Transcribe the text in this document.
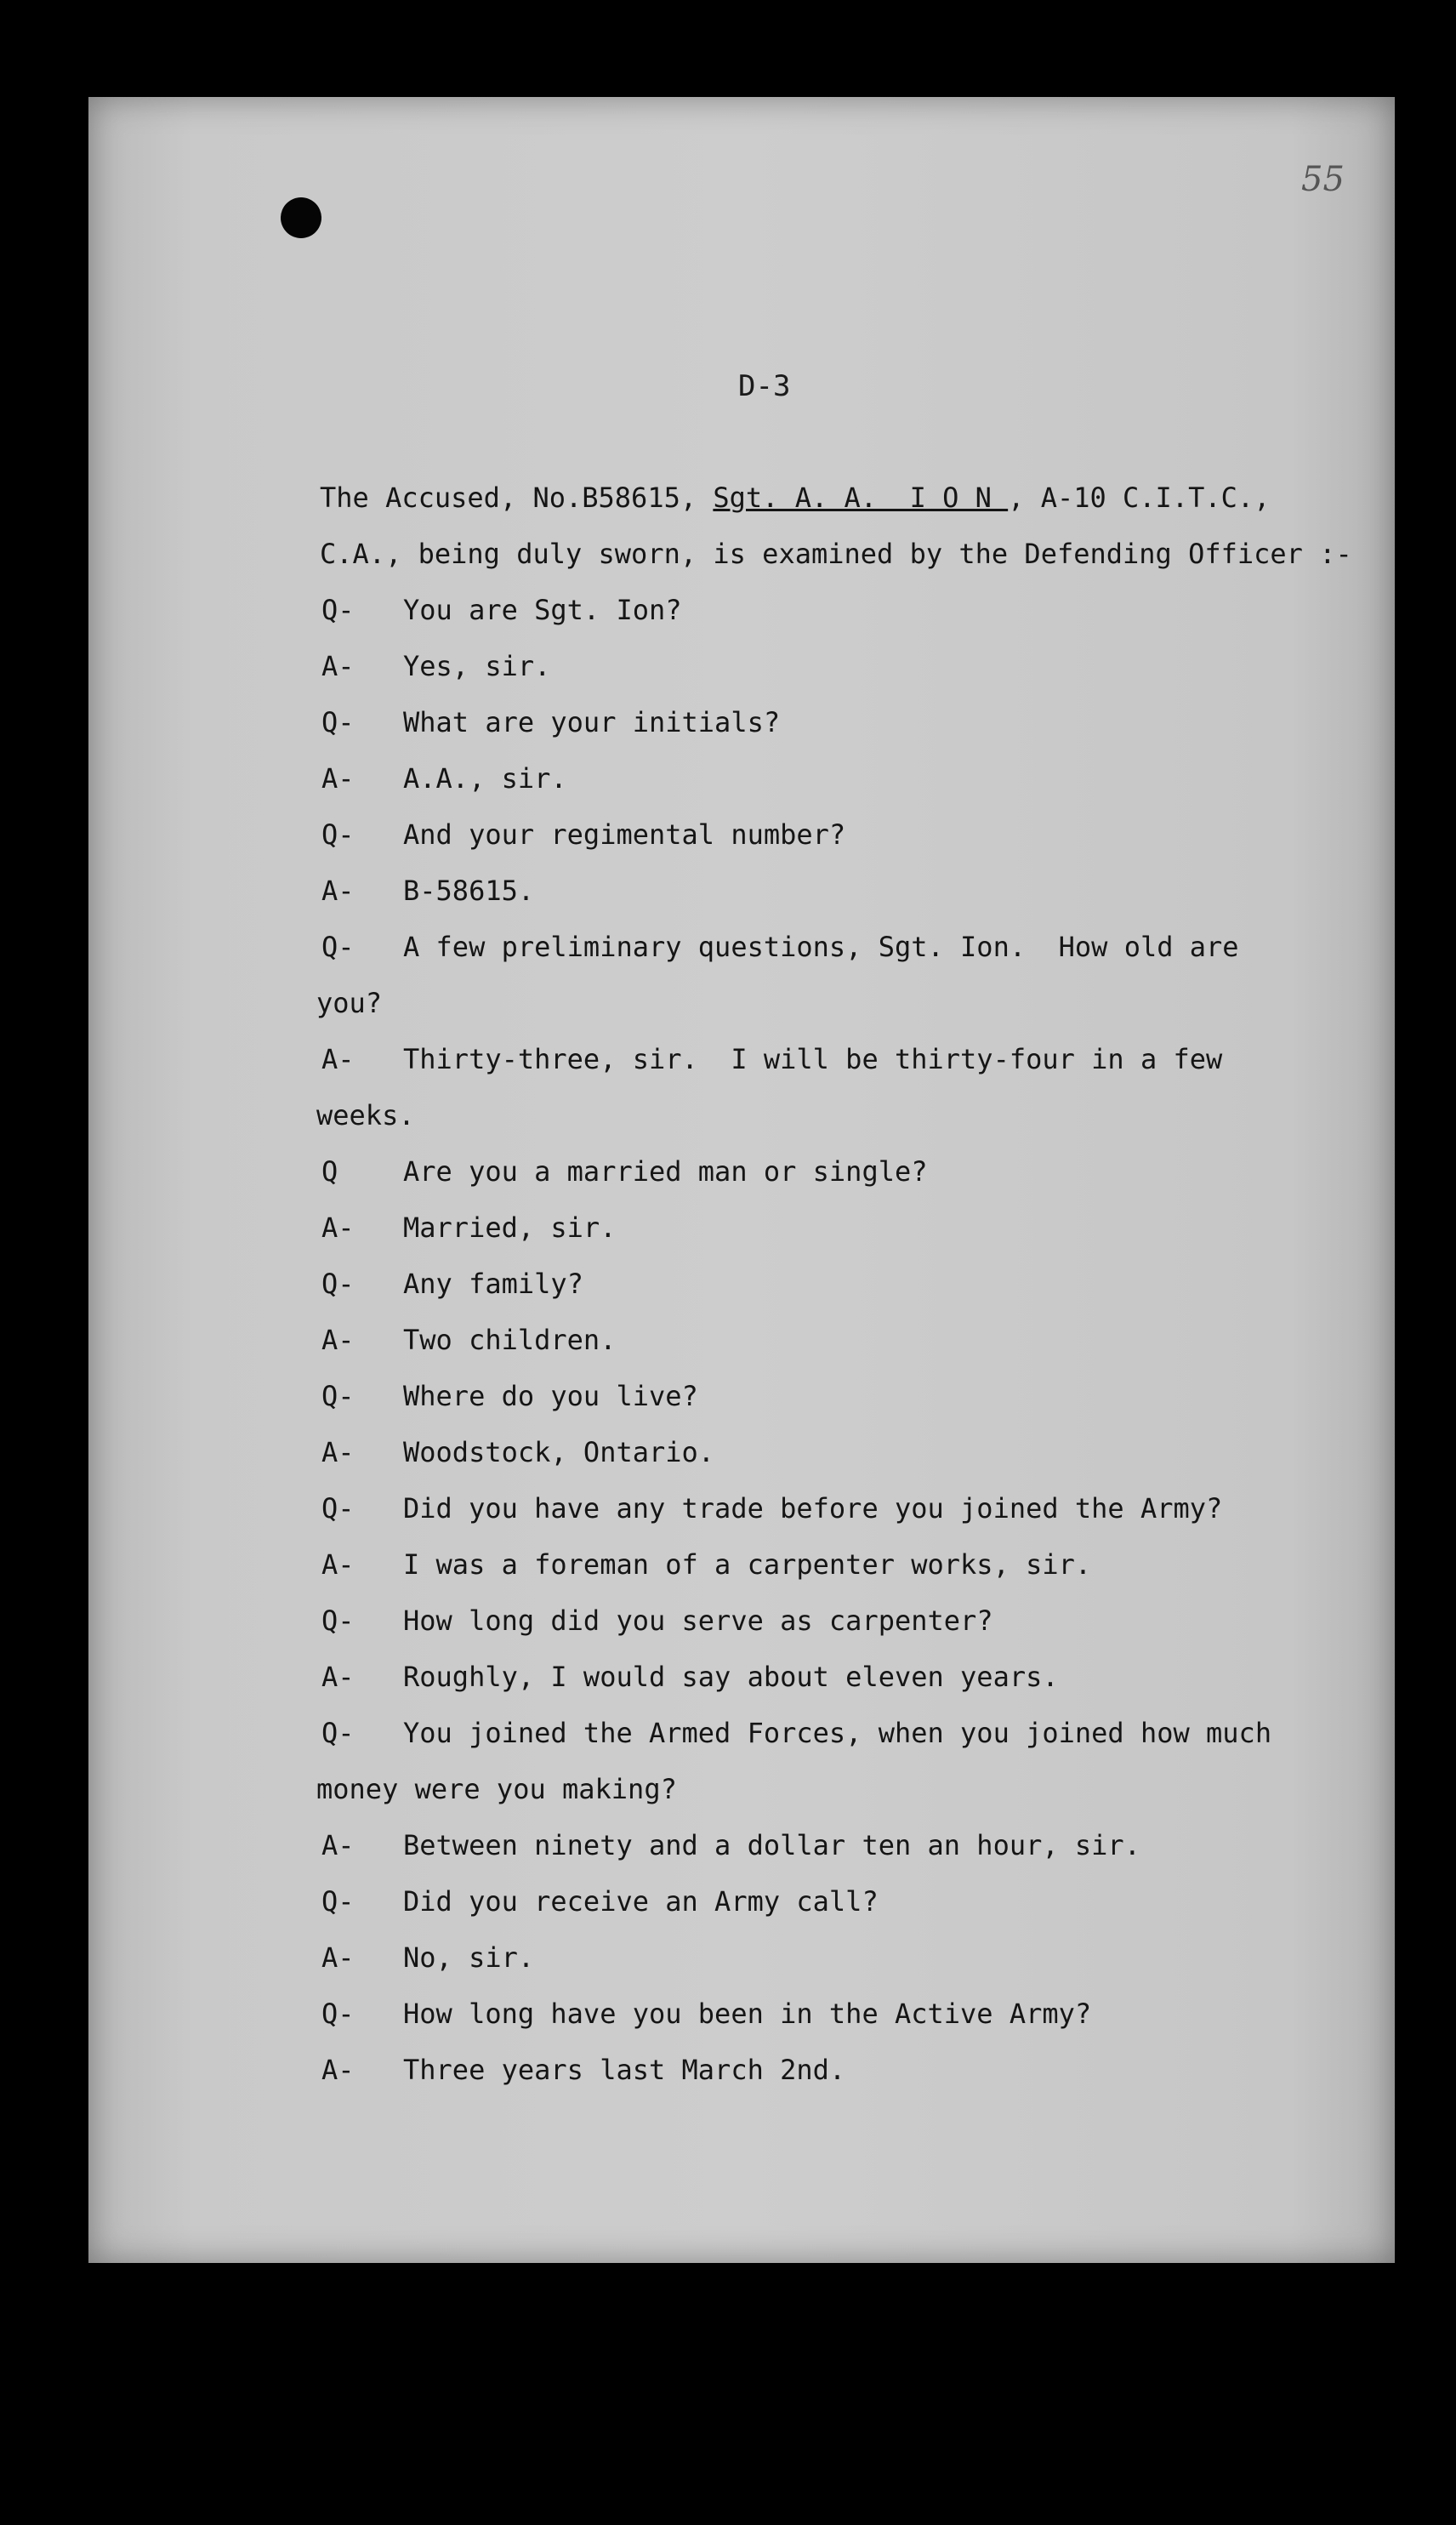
55
D-3
The Accused, No.B58615, Sgt. A. A.  I O N , A-10 C.I.T.C.,
C.A., being duly sworn, is examined by the Defending Officer :-
Q- You are Sgt. Ion?
A- Yes, sir.
Q- What are your initials?
A- A.A., sir.
Q- And your regimental number?
A- B-58615.
Q- A few preliminary questions, Sgt. Ion.  How old are
you?
A- Thirty-three, sir.  I will be thirty-four in a few
weeks.
Q Are you a married man or single?
A- Married, sir.
Q- Any family?
A- Two children.
Q- Where do you live?
A- Woodstock, Ontario.
Q- Did you have any trade before you joined the Army?
A- I was a foreman of a carpenter works, sir.
Q- How long did you serve as carpenter?
A- Roughly, I would say about eleven years.
Q- You joined the Armed Forces, when you joined how much
money were you making?
A- Between ninety and a dollar ten an hour, sir.
Q- Did you receive an Army call?
A- No, sir.
Q- How long have you been in the Active Army?
A- Three years last March 2nd.
